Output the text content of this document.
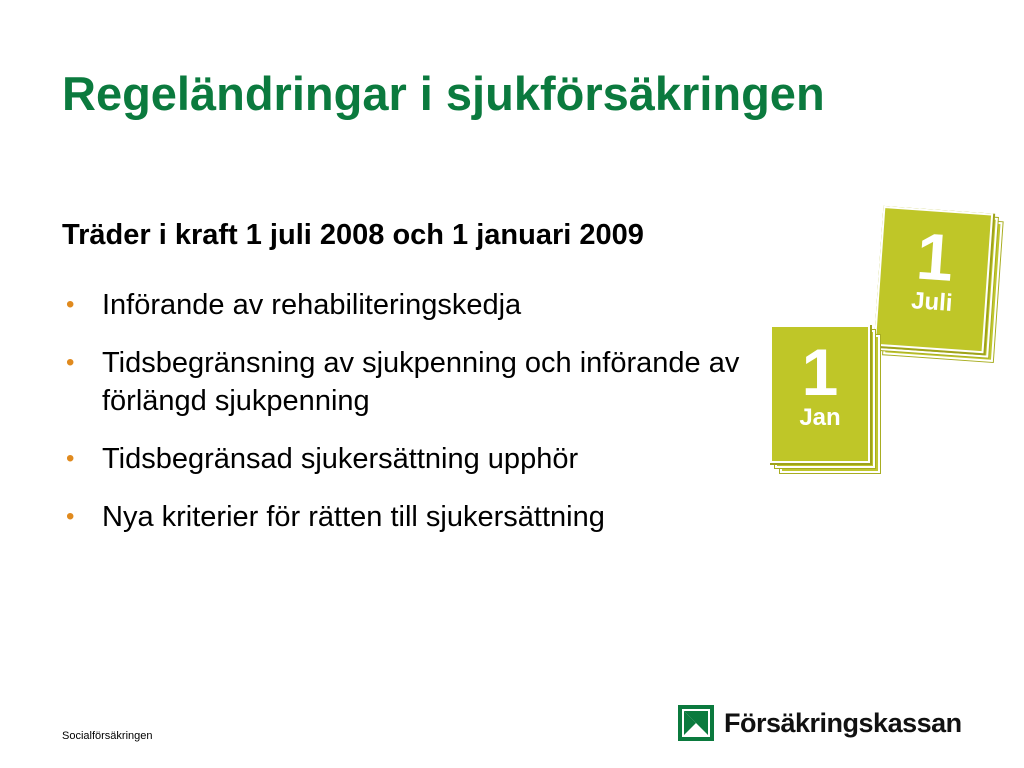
Regeländringar i sjukförsäkringen
Träder i kraft 1 juli 2008 och 1 januari 2009
• Införande av rehabiliteringskedja
• Tidsbegränsning av sjukpenning och införande av förlängd sjukpenning
• Tidsbegränsad sjukersättning upphör
• Nya kriterier för rätten till sjukersättning
1
Juli
1
Jan
Socialförsäkringen	Försäkringskassan
